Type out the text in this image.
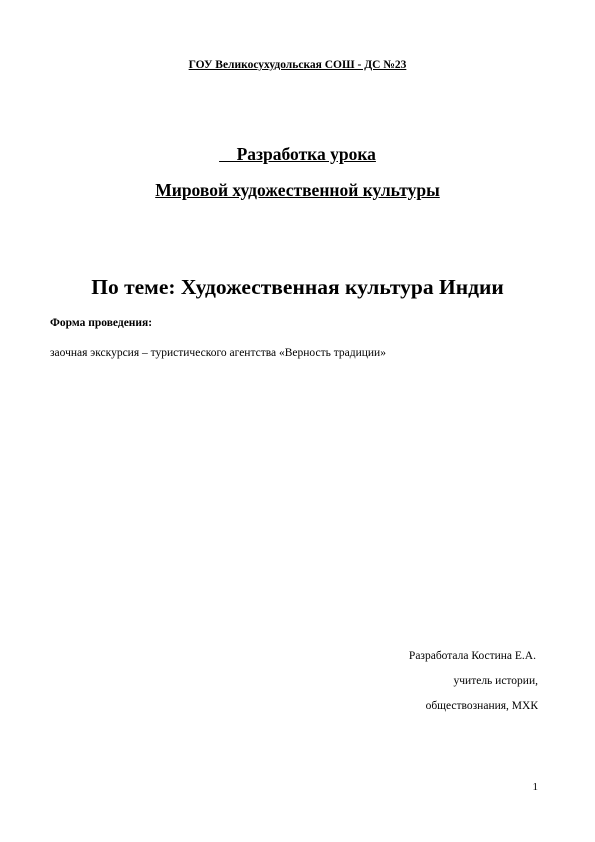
ГОУ Великосухудольская СОШ - ДС №23
Разработка урока
Мировой художественной культуры
По теме: Художественная культура Индии
Форма проведения:
заочная экскурсия – туристического агентства «Верность традиции»
Разработала Костина Е.А.
учитель истории,
обществознания, МХК
1
